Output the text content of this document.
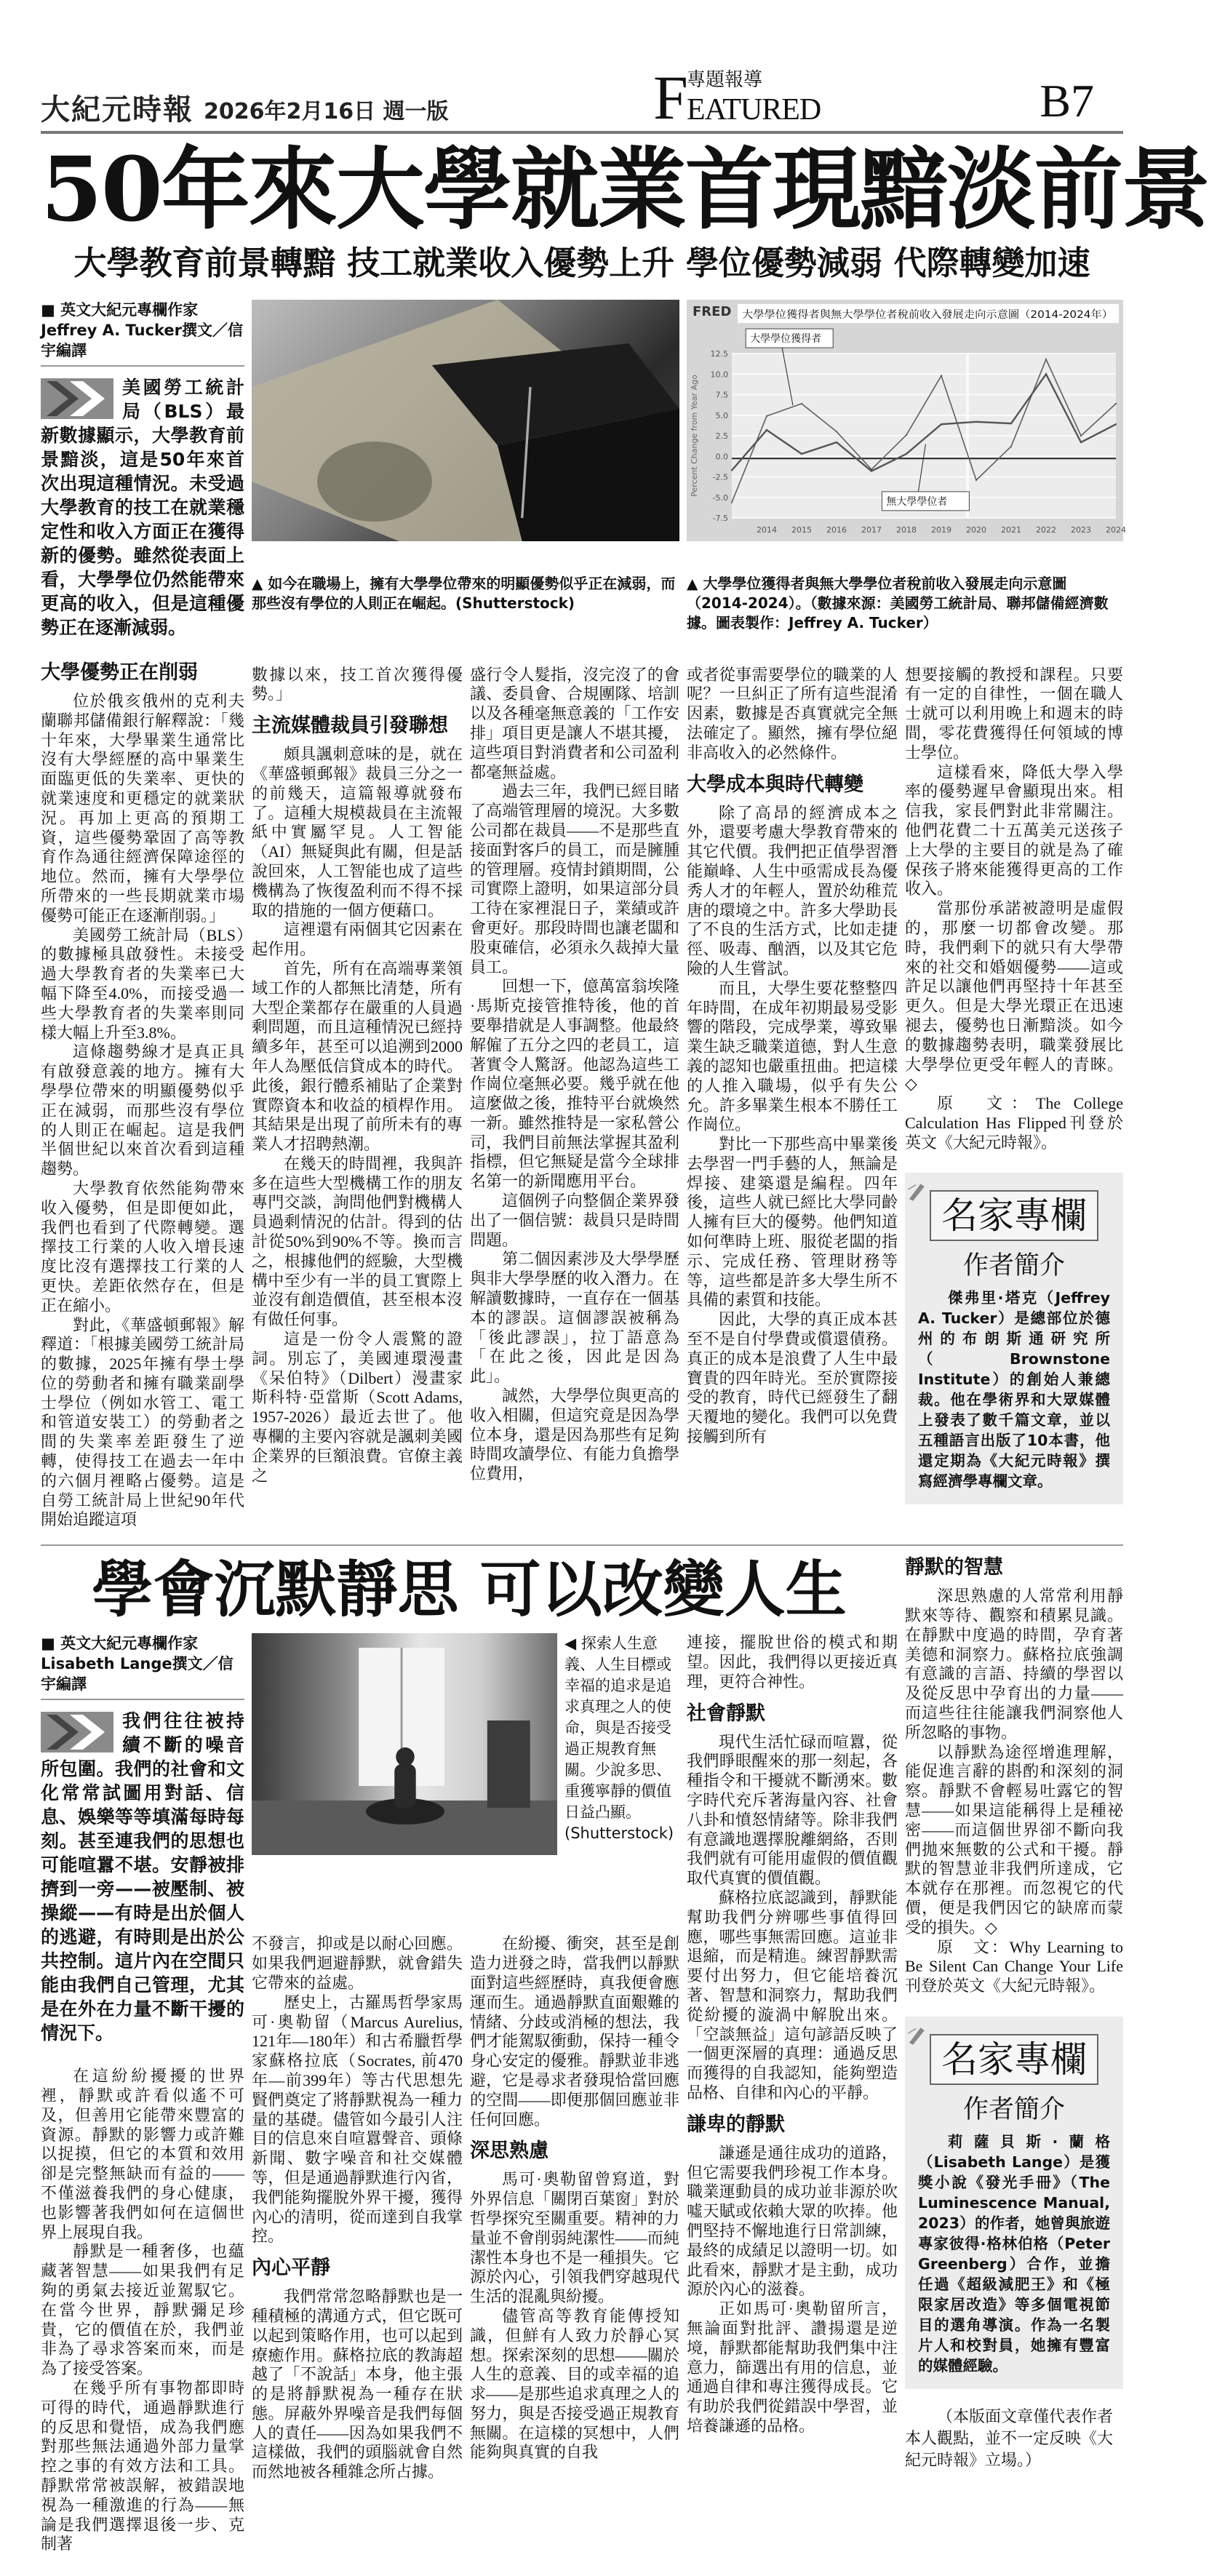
大紀元時報 2026年2月16日 週一版	F
專題報導
EATURED	B7
50年來大學就業首現黯淡前景
大學教育前景轉黯 技工就業收入優勢上升 學位優勢減弱 代際轉變加速
■ 英文大紀元專欄作家Jeffrey A. Tucker撰文／信宇編譯
美國勞工統計局（BLS）最新數據顯示，大學教育前景黯淡，這是50年來首次出現這種情況。未受過大學教育的技工在就業穩定性和收入方面正在獲得新的優勢。雖然從表面上看，大學學位仍然能帶來更高的收入，但是這種優勢正在逐漸減弱。
大學優勢正在削弱

位於俄亥俄州的克利夫蘭聯邦儲備銀行解釋說：「幾十年來，大學畢業生通常比沒有大學經歷的高中畢業生面臨更低的失業率、更快的就業速度和更穩定的就業狀況。再加上更高的預期工資，這些優勢鞏固了高等教育作為通往經濟保障途徑的地位。然而，擁有大學學位所帶來的一些長期就業市場優勢可能正在逐漸削弱。」

美國勞工統計局（BLS）的數據極具啟發性。未接受過大學教育者的失業率已大幅下降至4.0%，而接受過一些大學教育者的失業率則同樣大幅上升至3.8%。

這條趨勢線才是真正具有啟發意義的地方。擁有大學學位帶來的明顯優勢似乎正在減弱，而那些沒有學位的人則正在崛起。這是我們半個世紀以來首次看到這種趨勢。

大學教育依然能夠帶來收入優勢，但是即便如此，我們也看到了代際轉變。選擇技工行業的人收入增長速度比沒有選擇技工行業的人更快。差距依然存在，但是正在縮小。

對此，《華盛頓郵報》解釋道：「根據美國勞工統計局的數據，2025年擁有學士學位的勞動者和擁有職業副學士學位（例如水管工、電工和管道安裝工）的勞動者之間的失業率差距發生了逆轉，使得技工在過去一年中的六個月裡略占優勢。這是自勞工統計局上世紀90年代開始追蹤這項

12.5
10.0
7.5
5.0
2.5
0.0
-2.5
-5.0
-7.5
2014 2015 2016 2017 2018 2019 2020 2021 2022 2023 2024
Percent Change from Year Ago
FRED 大學學位獲得者與無大學學位者稅前收入發展走向示意圖（2014-2024年）
大學學位獲得者
無大學學位者
▲ 如今在職場上，擁有大學學位帶來的明顯優勢似乎正在減弱，而那些沒有學位的人則正在崛起。(Shutterstock)
▲ 大學學位獲得者與無大學學位者稅前收入發展走向示意圖（2014-2024）。（數據來源：美國勞工統計局、聯邦儲備經濟數據。圖表製作：Jeffrey A. Tucker）

數據以來，技工首次獲得優勢。」

主流媒體裁員引發聯想

頗具諷刺意味的是，就在《華盛頓郵報》裁員三分之一的前幾天，這篇報導就發布了。這種大規模裁員在主流報紙中實屬罕見。人工智能（AI）無疑與此有關，但是話說回來，人工智能也成了這些機構為了恢復盈利而不得不採取的措施的一個方便藉口。

這裡還有兩個其它因素在起作用。

首先，所有在高端專業領域工作的人都無比清楚，所有大型企業都存在嚴重的人員過剩問題，而且這種情況已經持續多年，甚至可以追溯到2000年人為壓低信貸成本的時代。此後，銀行體系補貼了企業對實際資本和收益的槓桿作用。其結果是出現了前所未有的專業人才招聘熱潮。

在幾天的時間裡，我與許多在這些大型機構工作的朋友專門交談，詢問他們對機構人員過剩情況的估計。得到的估計從50%到90%不等。換而言之，根據他們的經驗，大型機構中至少有一半的員工實際上並沒有創造價值，甚至根本沒有做任何事。

這是一份令人震驚的證詞。別忘了，美國連環漫畫《呆伯特》（Dilbert）漫畫家斯科特·亞當斯（Scott Adams, 1957-2026）最近去世了。他專欄的主要內容就是諷刺美國企業界的巨額浪費。官僚主義之

盛行令人髮指，沒完沒了的會議、委員會、合規團隊、培訓以及各種毫無意義的「工作安排」項目更是讓人不堪其擾，這些項目對消費者和公司盈利都毫無益處。

過去三年，我們已經目睹了高端管理層的境況。大多數公司都在裁員——不是那些直接面對客戶的員工，而是臃腫的管理層。疫情封鎖期間，公司實際上證明，如果這部分員工待在家裡混日子，業績或許會更好。那段時間也讓老闆和股東確信，必須永久裁掉大量員工。

回想一下，億萬富翁埃隆·馬斯克接管推特後，他的首要舉措就是人事調整。他最終解僱了五分之四的老員工，這著實令人驚訝。他認為這些工作崗位毫無必要。幾乎就在他這麼做之後，推特平台就煥然一新。雖然推特是一家私營公司，我們目前無法掌握其盈利指標，但它無疑是當今全球排名第一的新聞應用平台。

這個例子向整個企業界發出了一個信號：裁員只是時間問題。

第二個因素涉及大學學歷與非大學學歷的收入潛力。在解讀數據時，一直存在一個基本的謬誤。這個謬誤被稱為「後此謬誤」，拉丁語意為「在此之後，因此是因為此」。

誠然，大學學位與更高的收入相關，但這究竟是因為學位本身，還是因為那些有足夠時間攻讀學位、有能力負擔學位費用，

或者從事需要學位的職業的人呢？一旦糾正了所有這些混淆因素，數據是否真實就完全無法確定了。顯然，擁有學位絕非高收入的必然條件。

大學成本與時代轉變

除了高昂的經濟成本之外，還要考慮大學教育帶來的其它代價。我們把正值學習潛能巔峰、人生中亟需成長為優秀人才的年輕人，置於幼稚荒唐的環境之中。許多大學助長了不良的生活方式，比如走捷徑、吸毒、酗酒，以及其它危險的人生嘗試。

而且，大學生要花整整四年時間，在成年初期最易受影響的階段，完成學業，導致畢業生缺乏職業道德，對人生意義的認知也嚴重扭曲。把這樣的人推入職場，似乎有失公允。許多畢業生根本不勝任工作崗位。

對比一下那些高中畢業後去學習一門手藝的人，無論是焊接、建築還是編程。四年後，這些人就已經比大學同齡人擁有巨大的優勢。他們知道如何準時上班、服從老闆的指示、完成任務、管理財務等等，這些都是許多大學生所不具備的素質和技能。

因此，大學的真正成本甚至不是自付學費或償還債務。真正的成本是浪費了人生中最寶貴的四年時光。至於實際接受的教育，時代已經發生了翻天覆地的變化。我們可以免費接觸到所有

想要接觸的教授和課程。只要有一定的自律性，一個在職人士就可以利用晚上和週末的時間，零花費獲得任何領域的博士學位。

這樣看來，降低大學入學率的優勢遲早會顯現出來。相信我，家長們對此非常關注。他們花費二十五萬美元送孩子上大學的主要目的就是為了確保孩子將來能獲得更高的工作收入。

當那份承諾被證明是虛假的，那麼一切都會改變。那時，我們剩下的就只有大學帶來的社交和婚姻優勢——這或許足以讓他們再堅持十年甚至更久。但是大學光環正在迅速褪去，優勢也日漸黯淡。如今的數據趨勢表明，職業發展比大學學位更受年輕人的青睞。◇

原　文：The College Calculation Has Flipped刊登於英文《大紀元時報》。

名家專欄
作者簡介
傑弗里·塔克（Jeffrey A. Tucker）是總部位於德州的布朗斯通研究所（Brownstone Institute）的創始人兼總裁。他在學術界和大眾媒體上發表了數千篇文章，並以五種語言出版了10本書，他還定期為《大紀元時報》撰寫經濟學專欄文章。
學會沉默靜思 可以改變人生
■ 英文大紀元專欄作家Lisabeth Lange撰文／信宇編譯
我們往往被持續不斷的噪音所包圍。我們的社會和文化常常試圖用對話、信息、娛樂等等填滿每時每刻。甚至連我們的思想也可能喧囂不堪。安靜被排擠到一旁——被壓制、被操縱——有時是出於個人的逃避，有時則是出於公共控制。這片內在空間只能由我們自己管理，尤其是在外在力量不斷干擾的情況下。

在這紛紛擾擾的世界裡，靜默或許看似遙不可及，但善用它能帶來豐富的資源。靜默的影響力或許難以捉摸，但它的本質和效用卻是完整無缺而有益的——不僅滋養我們的身心健康，也影響著我們如何在這個世界上展現自我。

靜默是一種奢侈，也蘊藏著智慧——如果我們有足夠的勇氣去接近並駕馭它。在當今世界，靜默彌足珍貴，它的價值在於，我們並非為了尋求答案而來，而是為了接受答案。

在幾乎所有事物都即時可得的時代，通過靜默進行的反思和覺悟，成為我們應對那些無法通過外部力量掌控之事的有效方法和工具。靜默常常被誤解，被錯誤地視為一種激進的行為——無論是我們選擇退後一步、克制著

◀ 探索人生意義、人生目標或幸福的追求是追求真理之人的使命，與是否接受過正規教育無關。少說多思、重獲寧靜的價值日益凸顯。(Shutterstock)

不發言，抑或是以耐心回應。如果我們迴避靜默，就會錯失它帶來的益處。

歷史上，古羅馬哲學家馬可·奧勒留（Marcus Aurelius, 121年—180年）和古希臘哲學家蘇格拉底（Socrates, 前470年—前399年）等古代思想先賢們奠定了將靜默視為一種力量的基礎。儘管如今最引人注目的信息來自喧囂聲音、頭條新聞、數字噪音和社交媒體等，但是通過靜默進行內省，我們能夠擺脫外界干擾，獲得內心的清明，從而達到自我掌控。

內心平靜

我們常常忽略靜默也是一種積極的溝通方式，但它既可以起到策略作用，也可以起到療癒作用。蘇格拉底的教誨超越了「不說話」本身，他主張的是將靜默視為一種存在狀態。屏蔽外界噪音是我們每個人的責任——因為如果我們不這樣做，我們的頭腦就會自然而然地被各種雜念所占據。

在紛擾、衝突，甚至是創造力迸發之時，當我們以靜默面對這些經歷時，真我便會應運而生。通過靜默直面艱難的情緒、分歧或消極的想法，我們才能駕馭衝動，保持一種令身心安定的優雅。靜默並非逃避，它是尋求者發現恰當回應的空間——即便那個回應並非任何回應。

深思熟慮

馬可·奧勒留曾寫道，對外界信息「關閉百葉窗」對於哲學探究至關重要。精神的力量並不會削弱純潔性——而純潔性本身也不是一種損失。它源於內心，引領我們穿越現代生活的混亂與紛擾。

儘管高等教育能傳授知識，但鮮有人致力於靜心冥想。探索深刻的思想——關於人生的意義、目的或幸福的追求——是那些追求真理之人的努力，與是否接受過正規教育無關。在這樣的冥想中，人們能夠與真實的自我

連接，擺脫世俗的模式和期望。因此，我們得以更接近真理，更符合神性。

社會靜默

現代生活忙碌而喧囂，從我們睜眼醒來的那一刻起，各種指令和干擾就不斷湧來。數字時代充斥著海量內容、社會八卦和憤怒情緒等。除非我們有意識地選擇脫離網絡，否則我們就有可能用虛假的價值觀取代真實的價值觀。

蘇格拉底認識到，靜默能幫助我們分辨哪些事值得回應，哪些事無需回應。這並非退縮，而是精進。練習靜默需要付出努力，但它能培養沉著、智慧和洞察力，幫助我們從紛擾的漩渦中解脫出來。「空談無益」這句諺語反映了一個更深層的真理：通過反思而獲得的自我認知，能夠塑造品格、自律和內心的平靜。

謙卑的靜默

謙遜是通往成功的道路，但它需要我們珍視工作本身。職業運動員的成功並非源於吹噓天賦或依賴大眾的吹捧。他們堅持不懈地進行日常訓練，最終的成績足以證明一切。如此看來，靜默才是主動，成功源於內心的滋養。

正如馬可·奧勒留所言，無論面對批評、讚揚還是逆境，靜默都能幫助我們集中注意力，篩選出有用的信息，並通過自律和專注獲得成長。它有助於我們從錯誤中學習，並培養謙遜的品格。

靜默的智慧

深思熟慮的人常常利用靜默來等待、觀察和積累見識。在靜默中度過的時間，孕育著美德和洞察力。蘇格拉底強調有意識的言語、持續的學習以及從反思中孕育出的力量——而這些往往能讓我們洞察他人所忽略的事物。

以靜默為途徑增進理解，能促進言辭的斟酌和深刻的洞察。靜默不會輕易吐露它的智慧——如果這能稱得上是種祕密——而這個世界卻不斷向我們拋來無數的公式和干擾。靜默的智慧並非我們所達成，它本就存在那裡。而忽視它的代價，便是我們因它的缺席而蒙受的損失。◇

原　文：Why Learning to Be Silent Can Change Your Life刊登於英文《大紀元時報》。

名家專欄
作者簡介
莉薩貝斯·蘭格（Lisabeth Lange）是獲獎小說《發光手冊》（The Luminescence Manual, 2023）的作者，她曾與旅遊專家彼得·格林伯格（Peter Greenberg）合作，並擔任過《超級減肥王》和《極限家居改造》等多個電視節目的選角導演。作為一名製片人和校對員，她擁有豐富的媒體經驗。
（本版面文章僅代表作者本人觀點，並不一定反映《大紀元時報》立場。）
